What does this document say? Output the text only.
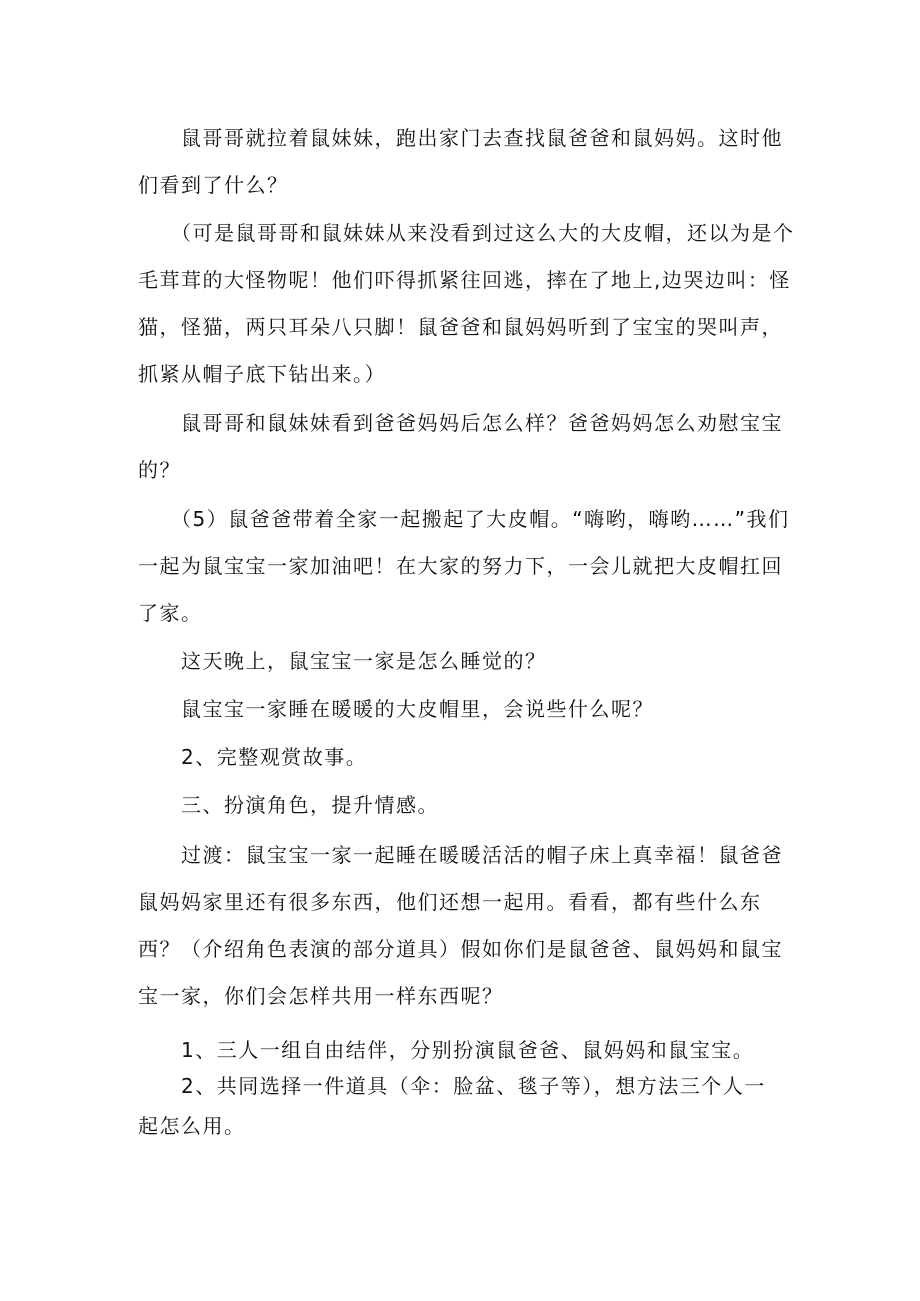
　　鼠哥哥就拉着鼠妹妹，跑出家门去查找鼠爸爸和鼠妈妈。这时他们看到了什么？

　　（可是鼠哥哥和鼠妹妹从来没看到过这么大的大皮帽，还以为是个毛茸茸的大怪物呢！他们吓得抓紧往回逃，摔在了地上,边哭边叫：怪猫，怪猫，两只耳朵八只脚！鼠爸爸和鼠妈妈听到了宝宝的哭叫声，抓紧从帽子底下钻出来。）

　　鼠哥哥和鼠妹妹看到爸爸妈妈后怎么样？爸爸妈妈怎么劝慰宝宝的？

　　（5）鼠爸爸带着全家一起搬起了大皮帽。“嗨哟，嗨哟……”我们一起为鼠宝宝一家加油吧！在大家的努力下，一会儿就把大皮帽扛回了家。

　　这天晚上，鼠宝宝一家是怎么睡觉的？

　　鼠宝宝一家睡在暖暖的大皮帽里，会说些什么呢？

　　2、完整观赏故事。

　　三、扮演角色，提升情感。

　　过渡：鼠宝宝一家一起睡在暖暖活活的帽子床上真幸福！鼠爸爸鼠妈妈家里还有很多东西，他们还想一起用。看看，都有些什么东西？（介绍角色表演的部分道具）假如你们是鼠爸爸、鼠妈妈和鼠宝宝一家，你们会怎样共用一样东西呢？

　　1、三人一组自由结伴，分别扮演鼠爸爸、鼠妈妈和鼠宝宝。

　　2、共同选择一件道具（伞：脸盆、毯子等），想方法三个人一起怎么用。
